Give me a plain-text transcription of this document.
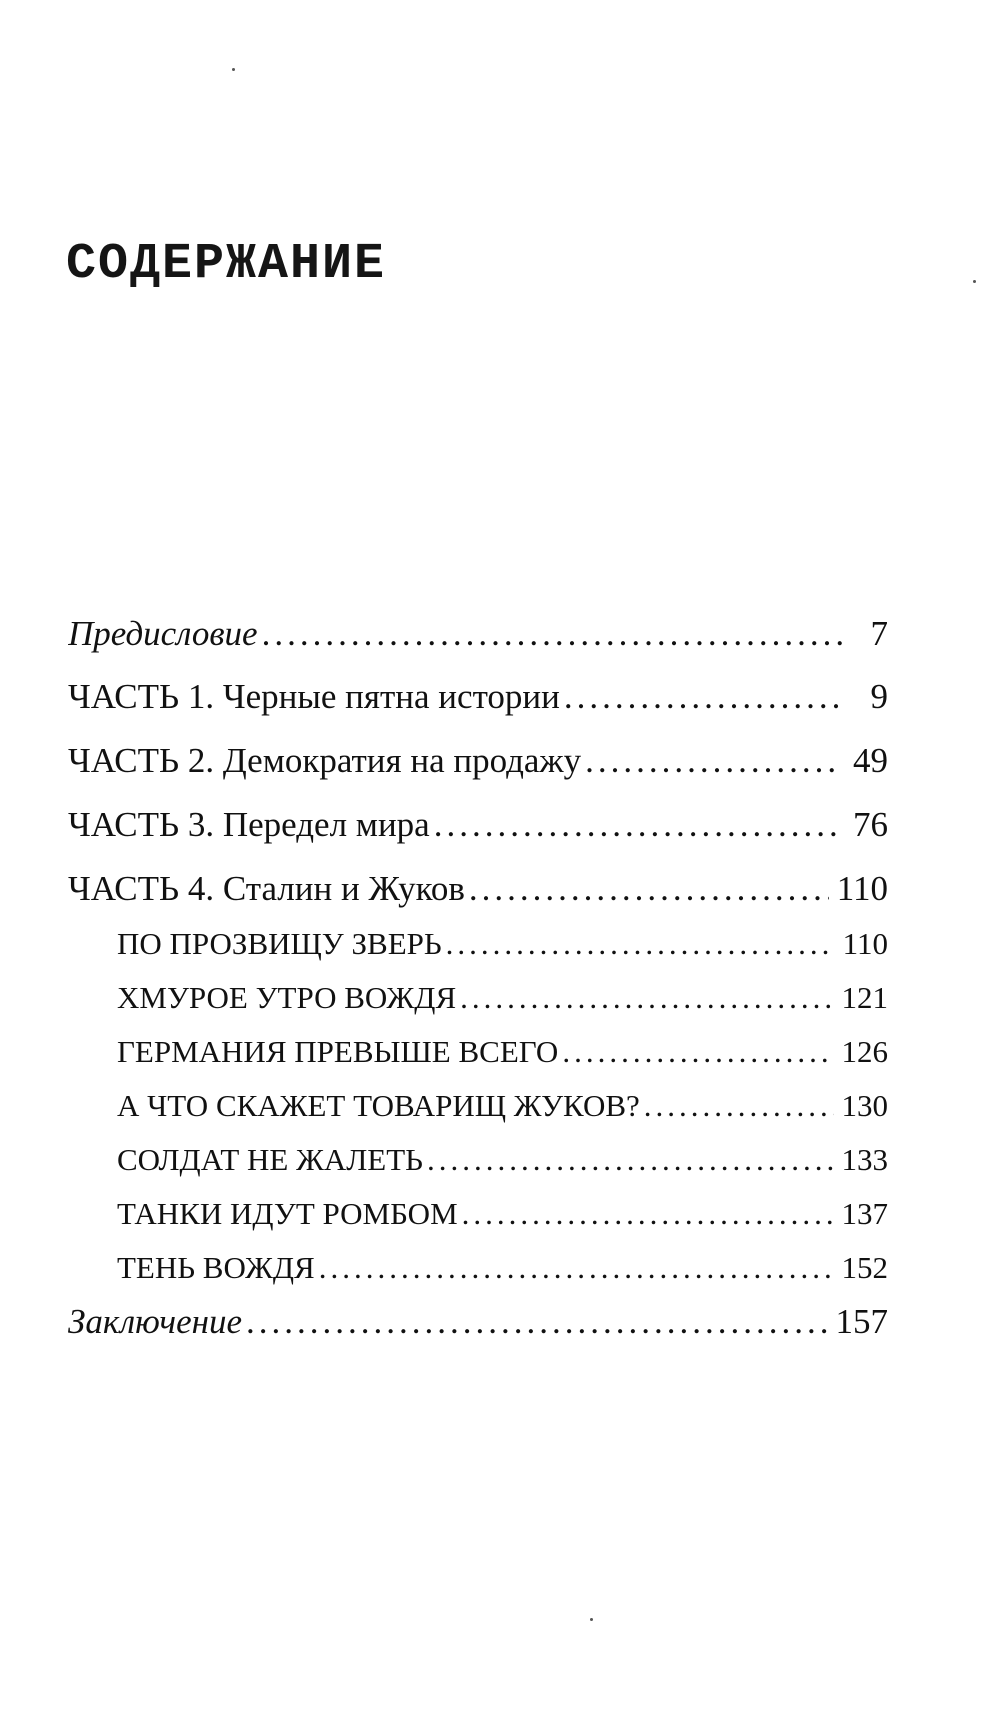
СОДЕРЖАНИЕ
Предисловие .....	7
ЧАСТЬ 1. Черные пятна истории .....	9
ЧАСТЬ 2. Демократия на продажу .....	49
ЧАСТЬ 3. Передел мира .....	76
ЧАСТЬ 4. Сталин и Жуков .....	110
ПО ПРОЗВИЩУ ЗВЕРЬ .....	110
ХМУРОЕ УТРО ВОЖДЯ .....	121
ГЕРМАНИЯ ПРЕВЫШЕ ВСЕГО .....	126
А ЧТО СКАЖЕТ ТОВАРИЩ ЖУКОВ? .....	130
СОЛДАТ НЕ ЖАЛЕТЬ .....	133
ТАНКИ ИДУТ РОМБОМ .....	137
ТЕНЬ ВОЖДЯ .....	152
Заключение .....	157
